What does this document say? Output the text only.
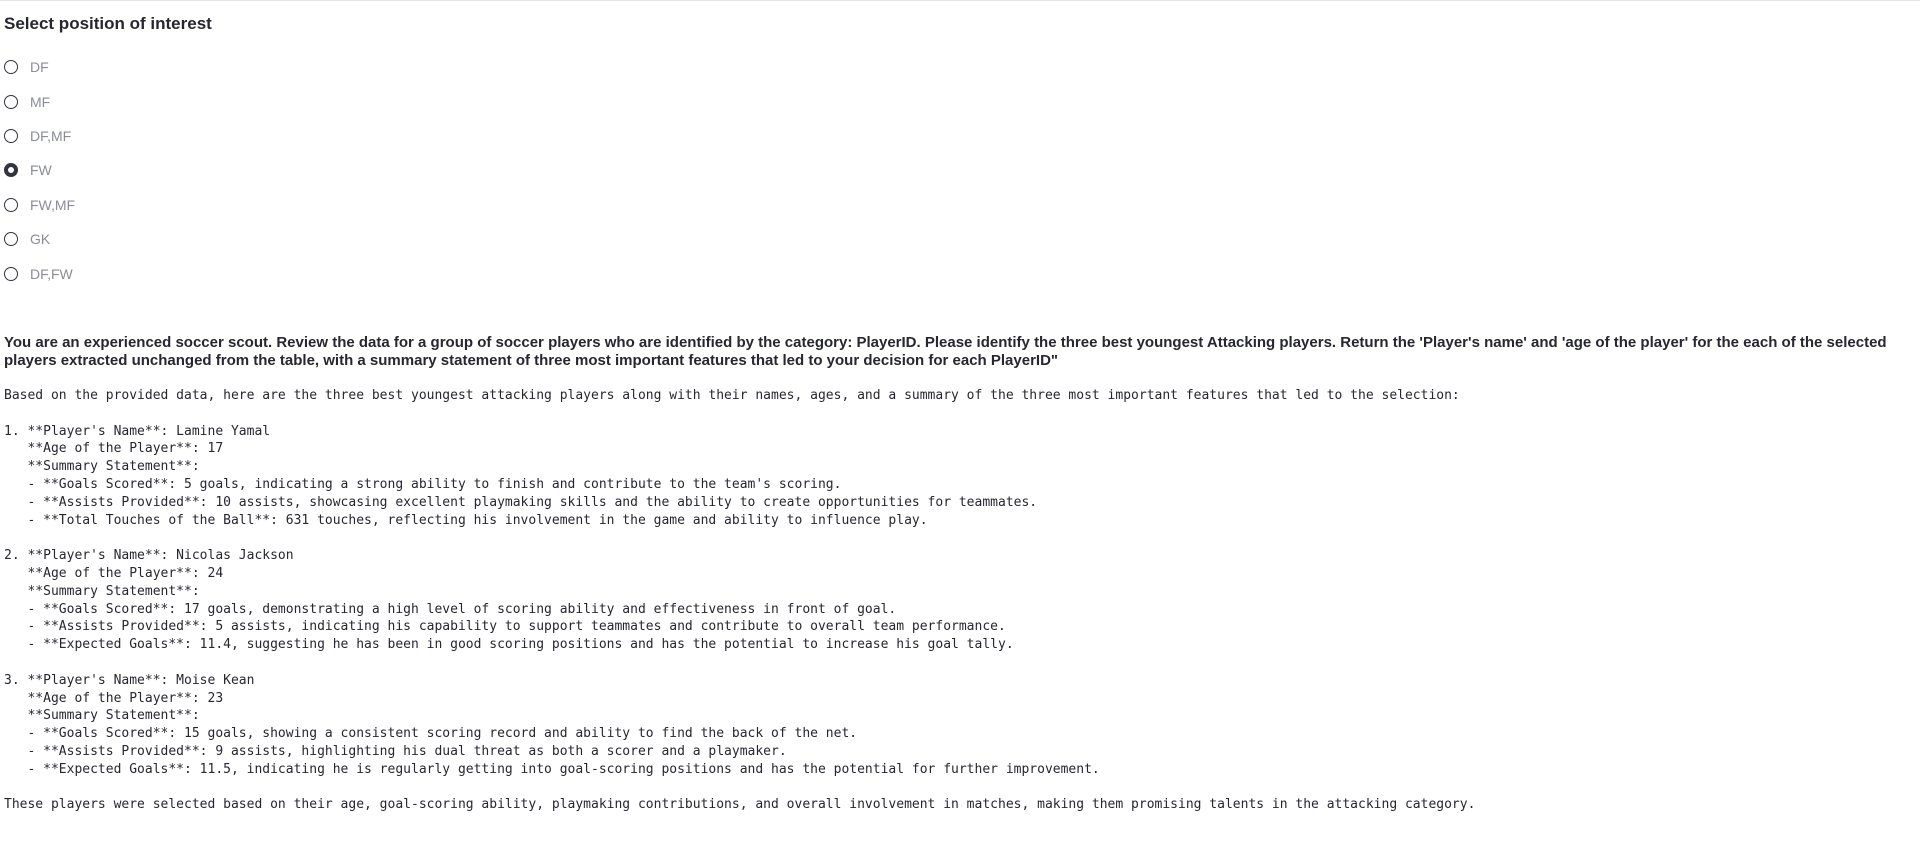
Select position of interest
DF
MF
DF,MF
FW
FW,MF
GK
DF,FW
You are an experienced soccer scout. Review the data for a group of soccer players who are identified by the category: PlayerID. Please identify the three best youngest Attacking players. Return the 'Player's name' and 'age of the player' for the each of the selected players extracted unchanged from the table, with a summary statement of three most important features that led to your decision for each PlayerID"
Based on the provided data, here are the three best youngest attacking players along with their names, ages, and a summary of the three most important features that led to the selection:

1. **Player's Name**: Lamine Yamal
**Age of the Player**: 17
**Summary Statement**:
- **Goals Scored**: 5 goals, indicating a strong ability to finish and contribute to the team's scoring.
- **Assists Provided**: 10 assists, showcasing excellent playmaking skills and the ability to create opportunities for teammates.
- **Total Touches of the Ball**: 631 touches, reflecting his involvement in the game and ability to influence play.

2. **Player's Name**: Nicolas Jackson
**Age of the Player**: 24
**Summary Statement**:
- **Goals Scored**: 17 goals, demonstrating a high level of scoring ability and effectiveness in front of goal.
- **Assists Provided**: 5 assists, indicating his capability to support teammates and contribute to overall team performance.
- **Expected Goals**: 11.4, suggesting he has been in good scoring positions and has the potential to increase his goal tally.

3. **Player's Name**: Moise Kean
**Age of the Player**: 23
**Summary Statement**:
- **Goals Scored**: 15 goals, showing a consistent scoring record and ability to find the back of the net.
- **Assists Provided**: 9 assists, highlighting his dual threat as both a scorer and a playmaker.
- **Expected Goals**: 11.5, indicating he is regularly getting into goal-scoring positions and has the potential for further improvement.

These players were selected based on their age, goal-scoring ability, playmaking contributions, and overall involvement in matches, making them promising talents in the attacking category.
